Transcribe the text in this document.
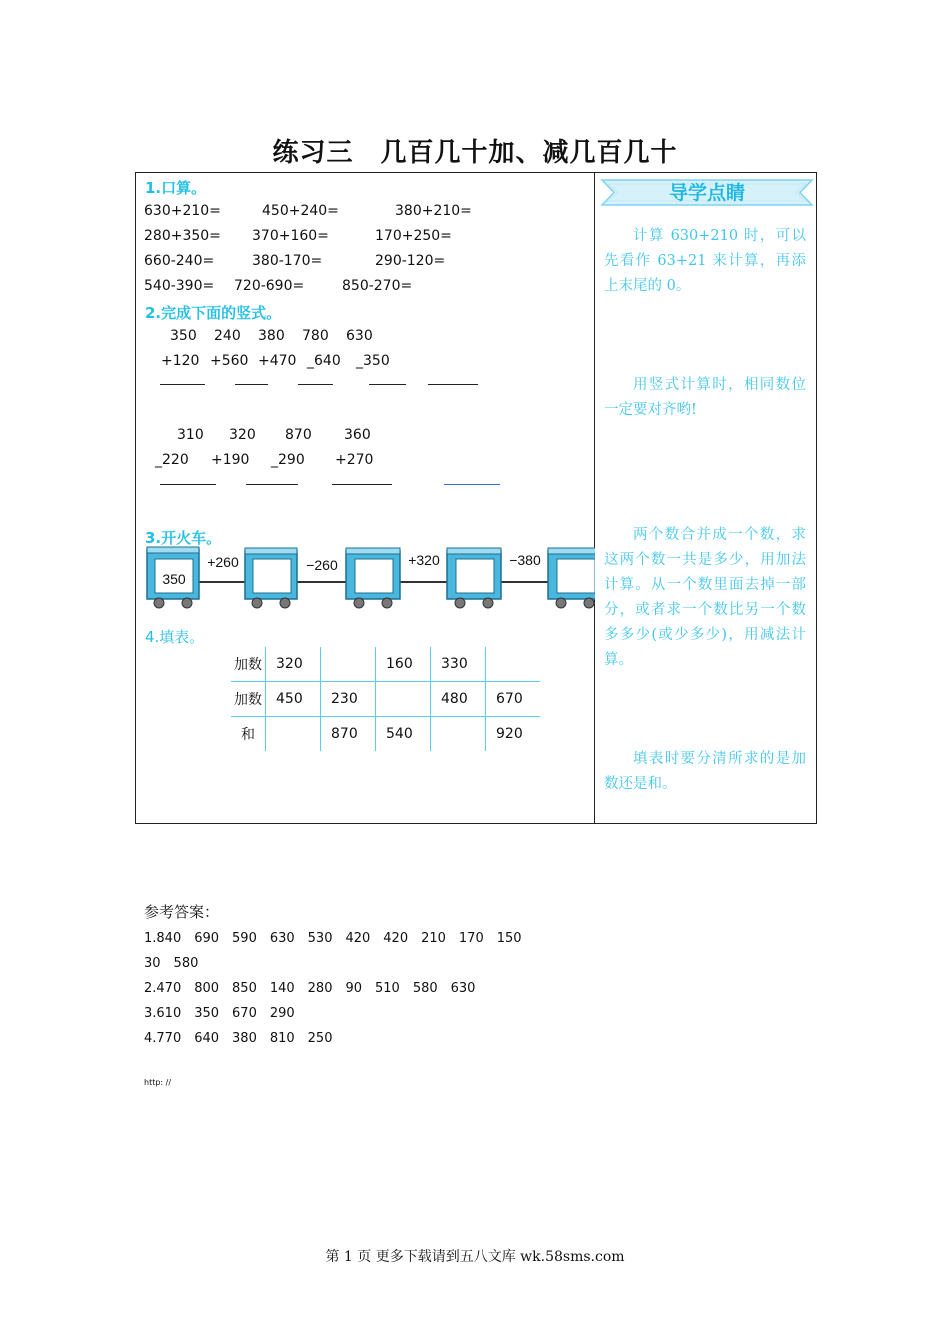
练习三　几百几十加、减几百几十
1.口算。
630+210=	450+240=	380+210=
280+350= 370+160=	170+250=
660-240=	380-170=	290-120=
540-390= 720-690=	850-270=
2.完成下面的竖式。
350 240 380 780 630
+120 +560 +470 _640 _350
310 320 870 360
_220 +190 _290 +270
3.开火车。
350
+260	−260	+320	−380
4.填表。
加数	320		160	330	
加数	450	230		480	670
和		870	540		920
导学点睛
计算 630+210 时，可以先看作 63+21 来计算，再添上末尾的 0。
用竖式计算时，相同数位一定要对齐哟!
两个数合并成一个数，求这两个数一共是多少，用加法计算。从一个数里面去掉一部分，或者求一个数比另一个数多多少(或少多少)，用减法计算。
填表时要分清所求的是加数还是和。
参考答案：
1.840　690　590　630　530　420　420　210　170　150
30　580
2.470　800　850　140　280　90　510　580　630
3.610　350　670　290
4.770　640　380　810　250
http: //
第 1 页 更多下载请到五八文库 wk.58sms.com
